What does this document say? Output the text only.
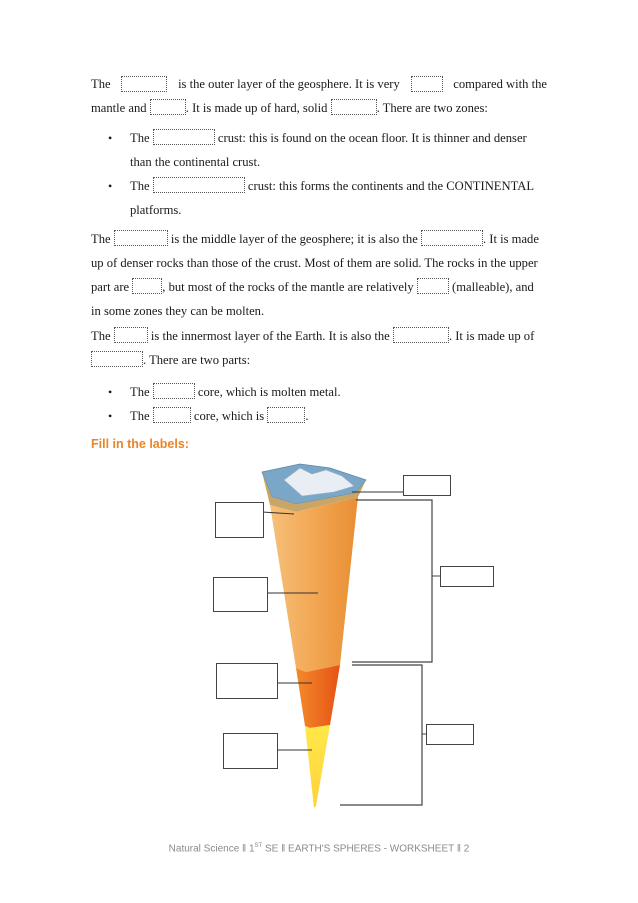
The	is the outer layer of the geosphere. It is very	compared with the
mantle and	. It is made up of hard, solid	. There are two zones:
• The	crust: this is found on the ocean floor. It is thinner and denser
than the continental crust.
• The	crust: this forms the continents and the CONTINENTAL
platforms.
The	is the middle layer of the geosphere; it is also the	. It is made
up of denser rocks than those of the crust. Most of them are solid. The rocks in the upper
part are	, but most of the rocks of the mantle are relatively	(malleable), and
in some zones they can be molten.
The	is the innermost layer of the Earth. It is also the	. It is made up of
. There are two parts:
• The	core, which is molten metal.
• The	core, which is	.
Fill in the labels:
Natural Science ‖ 1ST SE ‖ EARTH'S SPHERES - WORKSHEET ‖ 2
